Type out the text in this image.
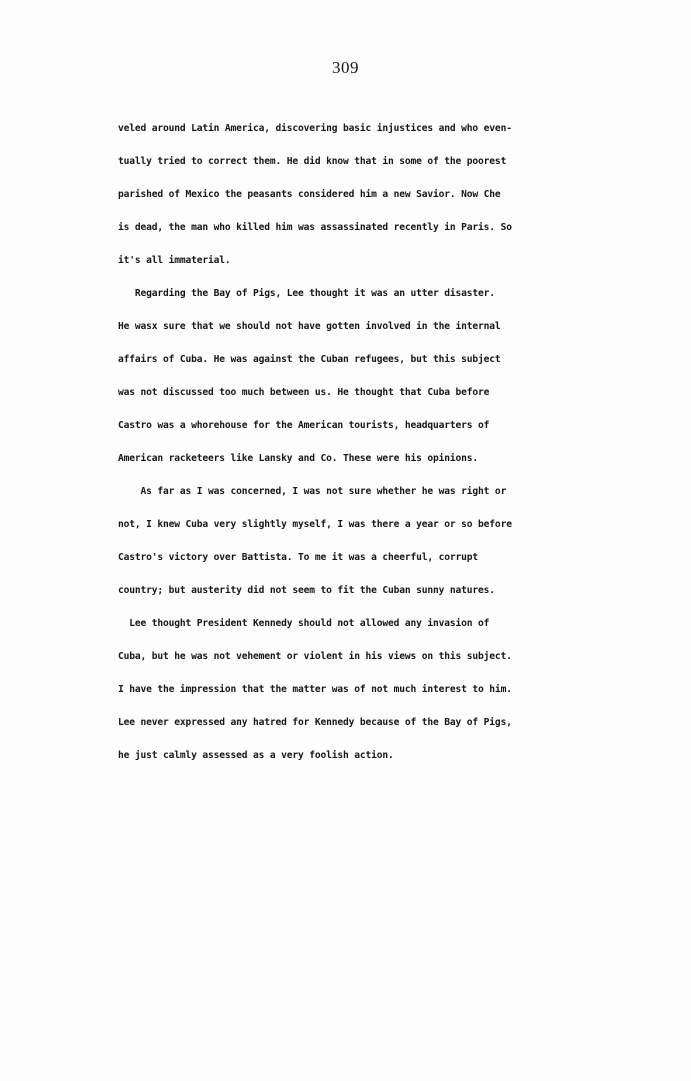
309
veled around Latin America, discovering basic injustices and who even-
tually tried to correct them. He did know that in some of the poorest
parished of Mexico the peasants considered him a new Savior. Now Che
is dead, the man who killed him was assassinated recently in Paris. So
it's all immaterial.
Regarding the Bay of Pigs, Lee thought it was an utter disaster.
He wasx sure that we should not have gotten involved in the internal
affairs of Cuba. He was against the Cuban refugees, but this subject
was not discussed too much between us. He thought that Cuba before
Castro was a whorehouse for the American tourists, headquarters of
American racketeers like Lansky and Co. These were his opinions.
As far as I was concerned, I was not sure whether he was right or
not, I knew Cuba very slightly myself, I was there a year or so before
Castro's victory over Battista. To me it was a cheerful, corrupt
country; but austerity did not seem to fit the Cuban sunny natures.
Lee thought President Kennedy should not allowed any invasion of
Cuba, but he was not vehement or violent in his views on this subject.
I have the impression that the matter was of not much interest to him.
Lee never expressed any hatred for Kennedy because of the Bay of Pigs,
he just calmly assessed as a very foolish action.
